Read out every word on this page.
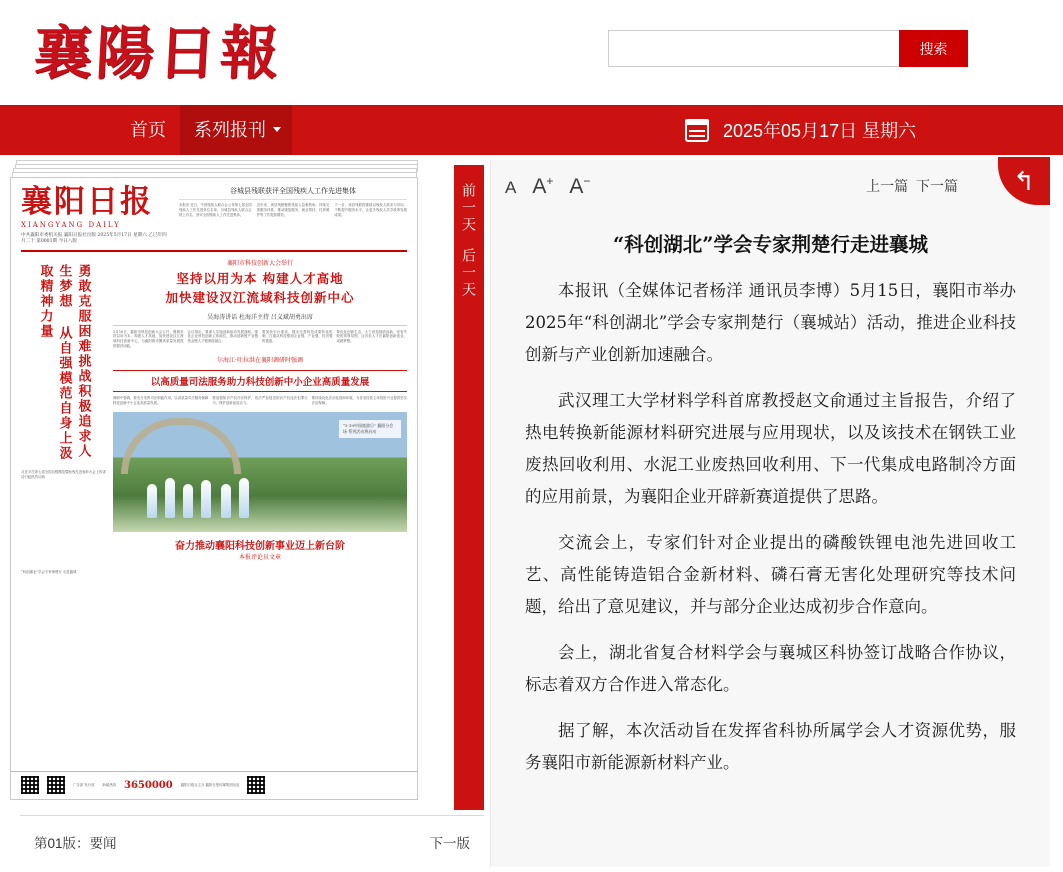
襄陽日報	搜索
首页	系列报刊	2025年05月17日 星期六
襄阳日报
XIANGYANG DAILY
中共襄阳市委机关报 襄阳日报社出版 2025年5月17日 星期六 乙巳年四月二十 第0001期 今日八版
谷城县残联获评全国残疾人工作先进集体
本报讯 近日，中国残疾人联合会公布第七届全国残疾人工作先进单位名单，谷城县残疾人联合会榜上有名，获评全国残疾人工作先进集体。
近年来，该县残联聚焦残疾人急难愁盼，持续完善服务体系，推动康复服务、就业帮扶、托养照护等工作提质增效。
下一步，该县残联将继续以残疾人需求为导向，不断提升服务水平，让更多残疾人共享改革发展成果。
勇敢克服困难挑战积极追求人生梦想 从自强模范自身上汲取精神力量
习近平在第七届全国自强模范暨助残先进表彰大会上的讲话引起热烈反响
襄阳市科技创新大会举行
坚持以用为本 构建人才高地
加快建设汉江流域科技创新中心
吴海涛讲话 杜海洋主持 吕义斌胡勇出席
5月16日，襄阳市科技创新大会召开，强调坚持以用为本，构建人才高地，加快建设汉江流域科技创新中心，为襄阳都市圈高质量发展提供强劲动能。
会议指出，要深入实施创新驱动发展战略，强化企业科技创新主体地位，推动创新链产业链资金链人才链深度融合。
要加快平台建设，健全完善科技成果转化机制，打通从科技强到企业强、产业强、经济强的通道。
要优化创新生态，大力营造鼓励创新、宽容失败的浓厚氛围，让各类人才在襄阳创新创业、成就梦想。
尔海江·吐拉洪在襄阳调研时强调
以高质量司法服务助力科技创新中小企业高质量发展
调研中强调，要充分发挥司法职能作用，以高质量司法服务保障科技创新中小企业高质量发展。
要加强知识产权司法保护，依法严惩侵犯知识产权违法犯罪行为，保护创新创造活力。
要持续优化法治化营商环境，为各类经营主体投资兴业提供坚实法治保障。
“5·19中国旅游日” 襄阳分会场 系列活动将启动
奋力推动襄阳科技创新事业迈上新台阶
本报评论员文章
“科创湖北”学会专家荆楚行 走进襄城
广告部 发行部 新闻热线 3650000 襄阳日报社主办 襄阳日报传媒集团出品
前一天
后一天
第01版：要闻	下一版
A A+ A−	上一篇 下一篇	↰
“科创湖北”学会专家荆楚行走进襄城

本报讯（全媒体记者杨洋 通讯员李博）5月15日，襄阳市举办2025年“科创湖北”学会专家荆楚行（襄城站）活动，推进企业科技创新与产业创新加速融合。

武汉理工大学材料学科首席教授赵文俞通过主旨报告，介绍了热电转换新能源材料研究进展与应用现状，以及该技术在钢铁工业废热回收利用、水泥工业废热回收利用、下一代集成电路制冷方面的应用前景，为襄阳企业开辟新赛道提供了思路。

交流会上，专家们针对企业提出的磷酸铁锂电池先进回收工艺、高性能铸造铝合金新材料、磷石膏无害化处理研究等技术问题，给出了意见建议，并与部分企业达成初步合作意向。

会上，湖北省复合材料学会与襄城区科协签订战略合作协议，标志着双方合作进入常态化。

据了解，本次活动旨在发挥省科协所属学会人才资源优势，服务襄阳市新能源新材料产业。
